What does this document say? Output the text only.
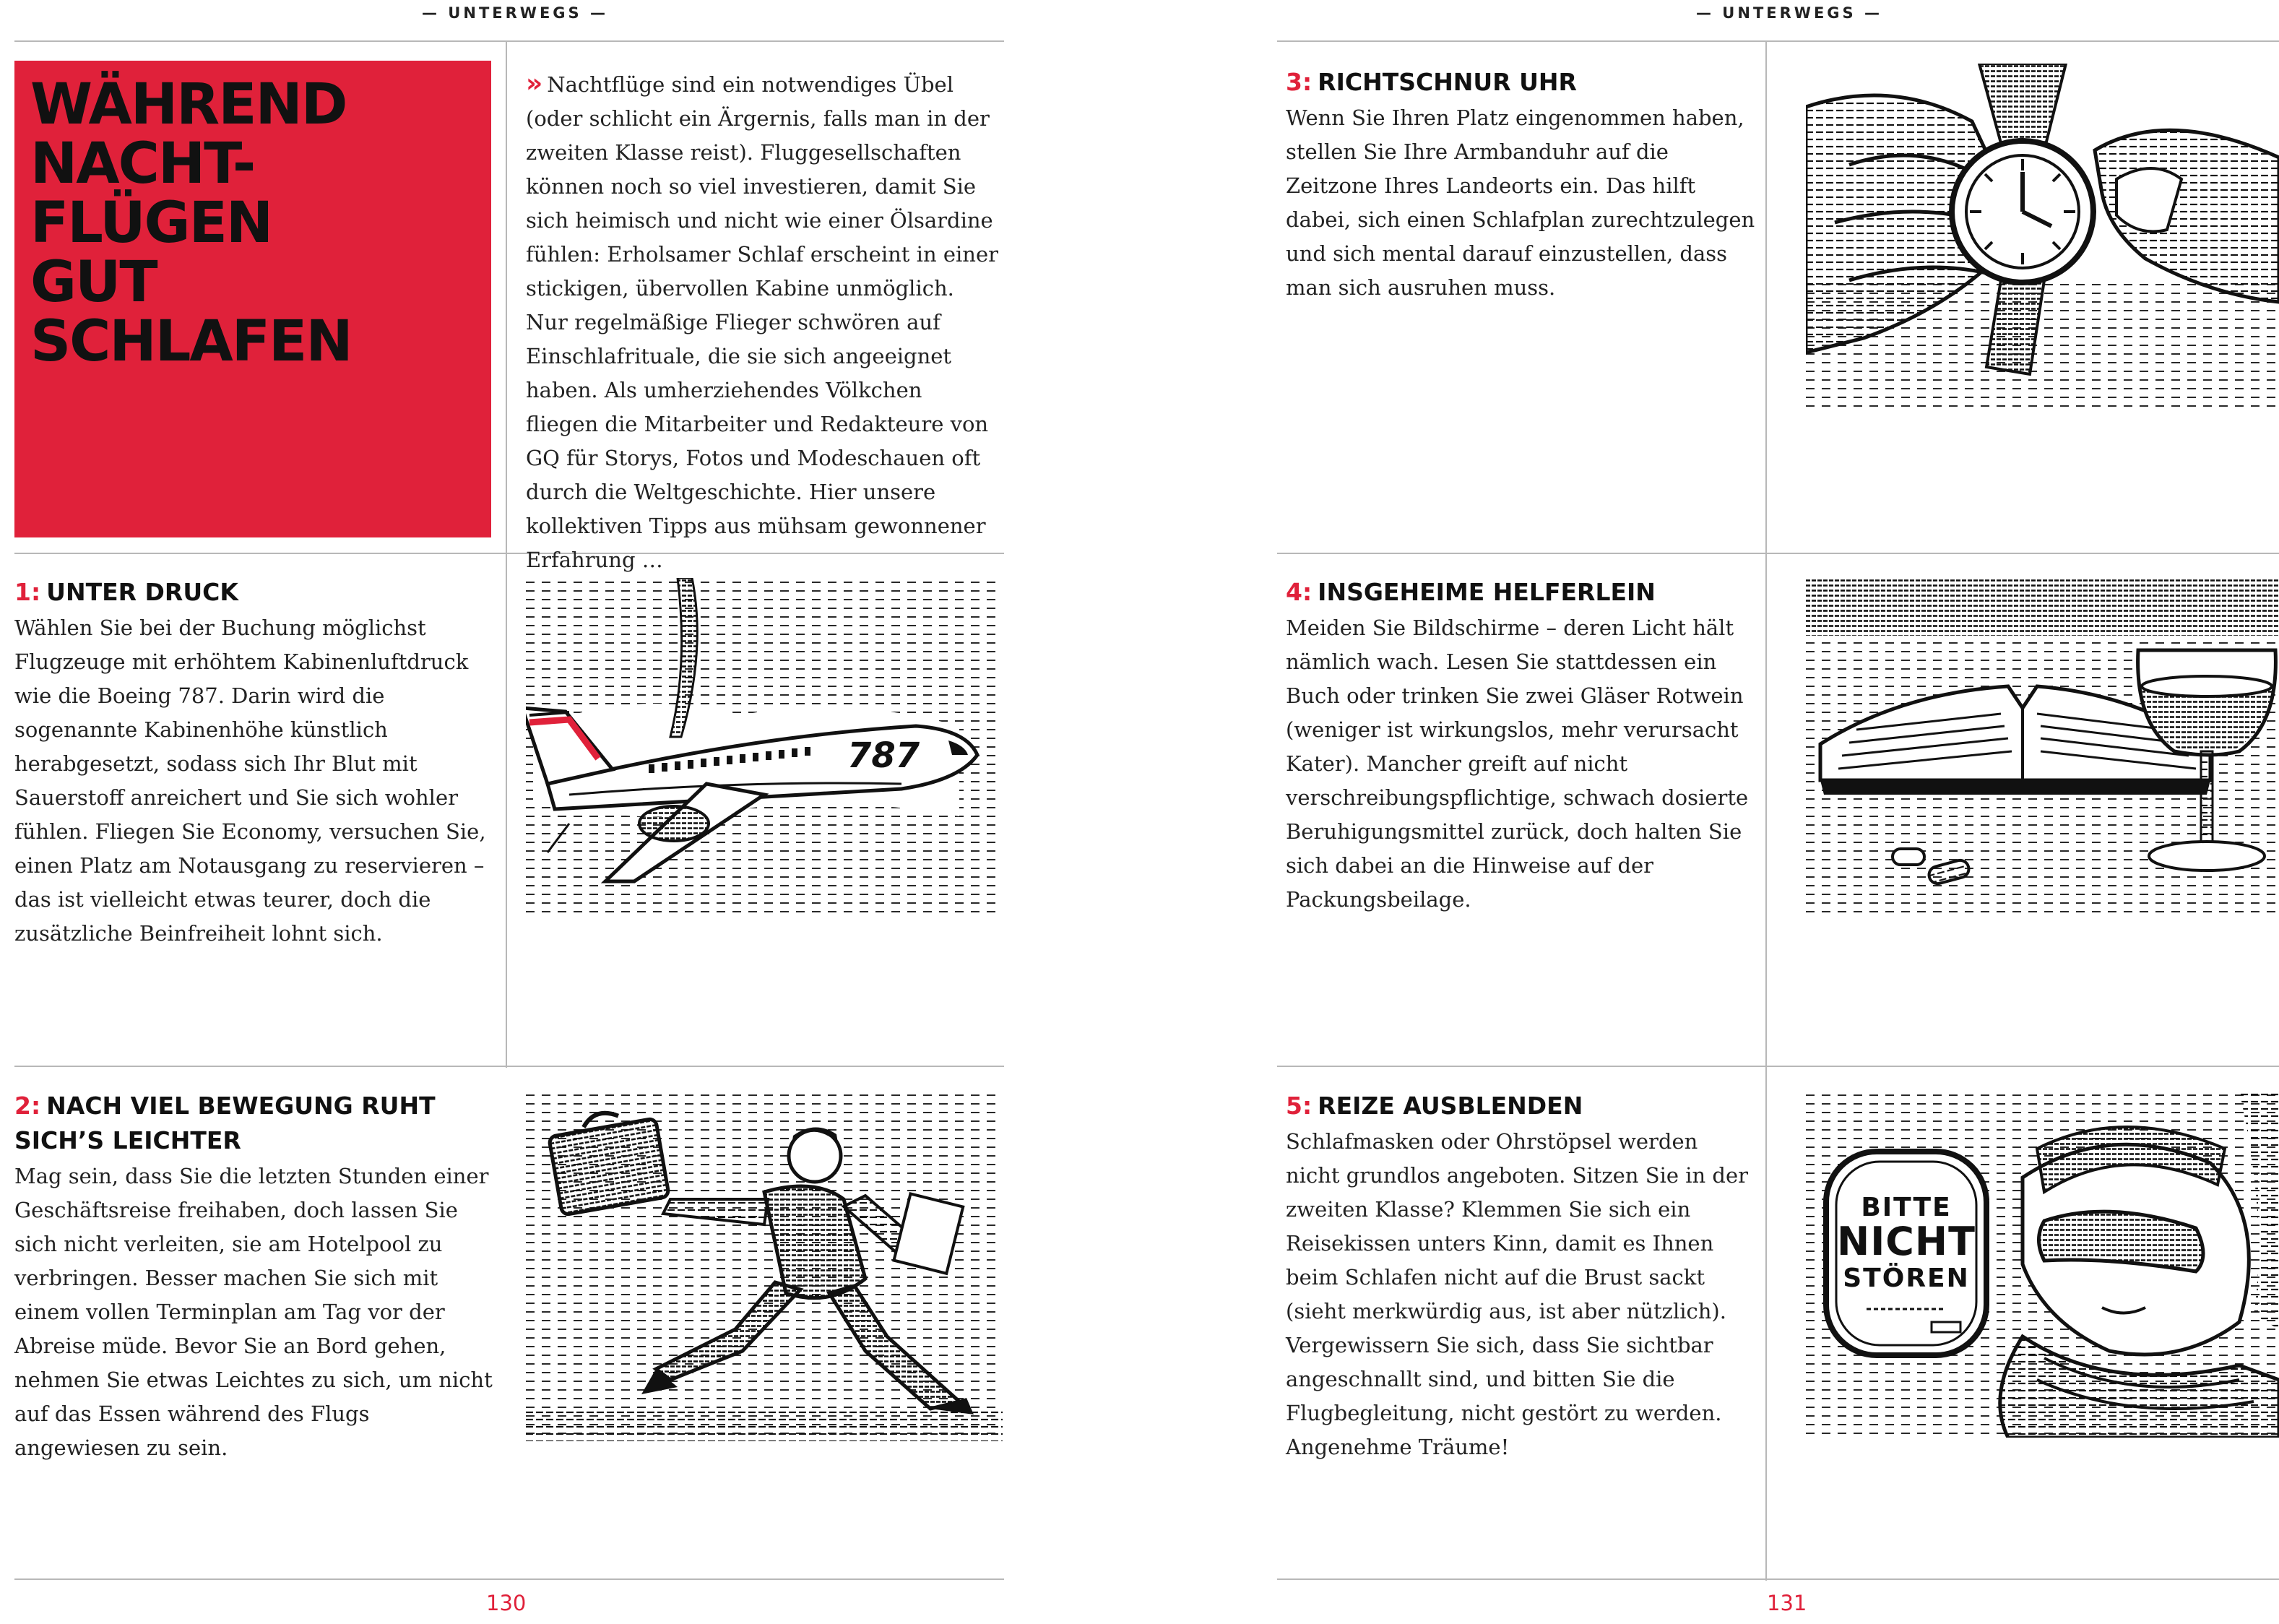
— UNTERWEGS —
WÄHREND
NACHT-
FLÜGEN
GUT
SCHLAFEN

» Nachtflüge sind ein notwendiges Übel (oder schlicht ein Ärgernis, falls man in der zweiten Klasse reist). Fluggesellschaften können noch so viel investieren, damit Sie sich heimisch und nicht wie einer Ölsardine fühlen: Erholsamer Schlaf erscheint in einer stickigen, übervollen Kabine unmöglich. Nur regelmäßige Flieger schwören auf Einschlafrituale, die sie sich angeeignet haben. Als umherziehendes Völkchen fliegen die Mitarbeiter und Redakteure von GQ für Storys, Fotos und Modeschauen oft durch die Weltgeschichte. Hier unsere kollektiven Tipps aus mühsam gewonnener Erfahrung …

1: UNTER DRUCK

Wählen Sie bei der Buchung möglichst Flugzeuge mit erhöhtem Kabinenluftdruck wie die Boeing 787. Darin wird die sogenannte Kabinenhöhe künstlich herabgesetzt, sodass sich Ihr Blut mit Sauerstoff anreichert und Sie sich wohler fühlen. Fliegen Sie Economy, versuchen Sie, einen Platz am Notausgang zu reservieren – das ist vielleicht etwas teurer, doch die zusätzliche Beinfreiheit lohnt sich.

787
2: NACH VIEL BEWEGUNG RUHT SICH’S LEICHTER

Mag sein, dass Sie die letzten Stunden einer Geschäftsreise freihaben, doch lassen Sie sich nicht verleiten, sie am Hotelpool zu verbringen. Besser machen Sie sich mit einem vollen Terminplan am Tag vor der Abreise müde. Bevor Sie an Bord gehen, nehmen Sie etwas Leichtes zu sich, um nicht auf das Essen während des Flugs angewiesen zu sein.

130
— UNTERWEGS —
3: RICHTSCHNUR UHR

Wenn Sie Ihren Platz eingenommen haben, stellen Sie Ihre Armbanduhr auf die Zeitzone Ihres Landeorts ein. Das hilft dabei, sich einen Schlafplan zurechtzulegen und sich mental darauf einzustellen, dass man sich ausruhen muss.

4: INSGEHEIME HELFERLEIN

Meiden Sie Bildschirme – deren Licht hält nämlich wach. Lesen Sie stattdessen ein Buch oder trinken Sie zwei Gläser Rotwein (weniger ist wirkungslos, mehr verursacht Kater). Mancher greift auf nicht verschreibungspflichtige, schwach dosierte Beruhigungsmittel zurück, doch halten Sie sich dabei an die Hinweise auf der Packungsbeilage.

5: REIZE AUSBLENDEN

Schlafmasken oder Ohrstöpsel werden nicht grundlos angeboten. Sitzen Sie in der zweiten Klasse? Klemmen Sie sich ein Reisekissen unters Kinn, damit es Ihnen beim Schlafen nicht auf die Brust sackt (sieht merkwürdig aus, ist aber nützlich). Vergewissern Sie sich, dass Sie sichtbar angeschnallt sind, und bitten Sie die Flugbegleitung, nicht gestört zu werden. Angenehme Träume!

BITTE
NICHT
STÖREN
131
